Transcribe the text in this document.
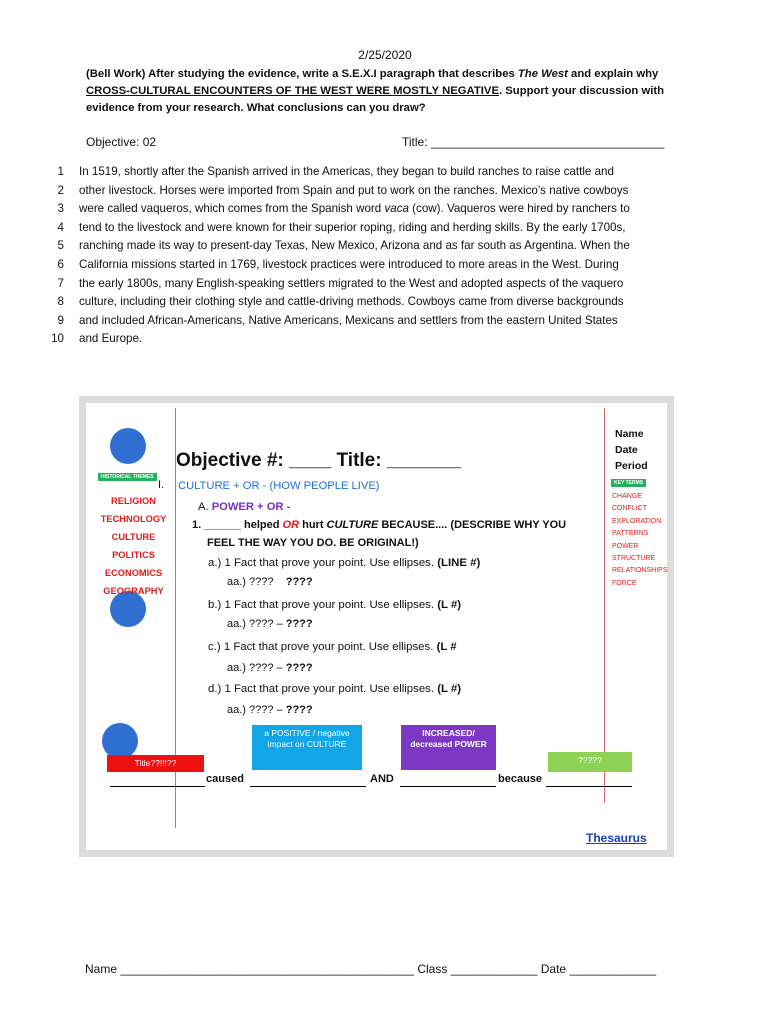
2/25/2020
(Bell Work) After studying the evidence, write a S.E.X.I paragraph that describes The West and explain why CROSS-CULTURAL ENCOUNTERS OF THE WEST WERE MOSTLY NEGATIVE. Support your discussion with evidence from your research. What conclusions can you draw?
Objective: 02	Title: ___________________________________
1 In 1519, shortly after the Spanish arrived in the Americas, they began to build ranches to raise cattle and
2 other livestock. Horses were imported from Spain and put to work on the ranches. Mexico’s native cowboys
3 were called vaqueros, which comes from the Spanish word vaca (cow). Vaqueros were hired by ranchers to
4 tend to the livestock and were known for their superior roping, riding and herding skills. By the early 1700s,
5 ranching made its way to present-day Texas, New Mexico, Arizona and as far south as Argentina. When the
6 California missions started in 1769, livestock practices were introduced to more areas in the West. During
7 the early 1800s, many English-speaking settlers migrated to the West and adopted aspects of the vaquero
8 culture, including their clothing style and cattle-driving methods. Cowboys came from diverse backgrounds
9 and included African-Americans, Native Americans, Mexicans and settlers from the eastern United States
10 and Europe.
HISTORICAL THEMES
RELIGION
TECHNOLOGY
CULTURE
POLITICS
ECONOMICS
GEOGRAPHY
Objective #: ____ Title: _______
Name
Date
Period
KEY TERMS
CHANGE
CONFLICT
EXPLORATION
PATTERNS
POWER
STRUCTURE
RELATIONSHIPS
FORCE
I. CULTURE + OR - (HOW PEOPLE LIVE)
A. POWER + OR -
1. ______ helped OR hurt CULTURE BECAUSE.... (DESCRIBE WHY YOU
FEEL THE WAY YOU DO. BE ORIGINAL!)
a.) 1 Fact that prove your point. Use ellipses. (LINE #)
aa.) ???? ????
b.) 1 Fact that prove your point. Use ellipses. (L #)
aa.) ???? – ????
c.) 1 Fact that prove your point. Use ellipses. (L #
aa.) ???? – ????
d.) 1 Fact that prove your point. Use ellipses. (L #)
aa.) ???? – ????
Title??!!!??
a POSITIVE / negative impact on CULTURE
INCREASED/ decreased POWER
?????
caused	AND	because
Thesaurus
Name ____________________________________________ Class _____________ Date _____________
